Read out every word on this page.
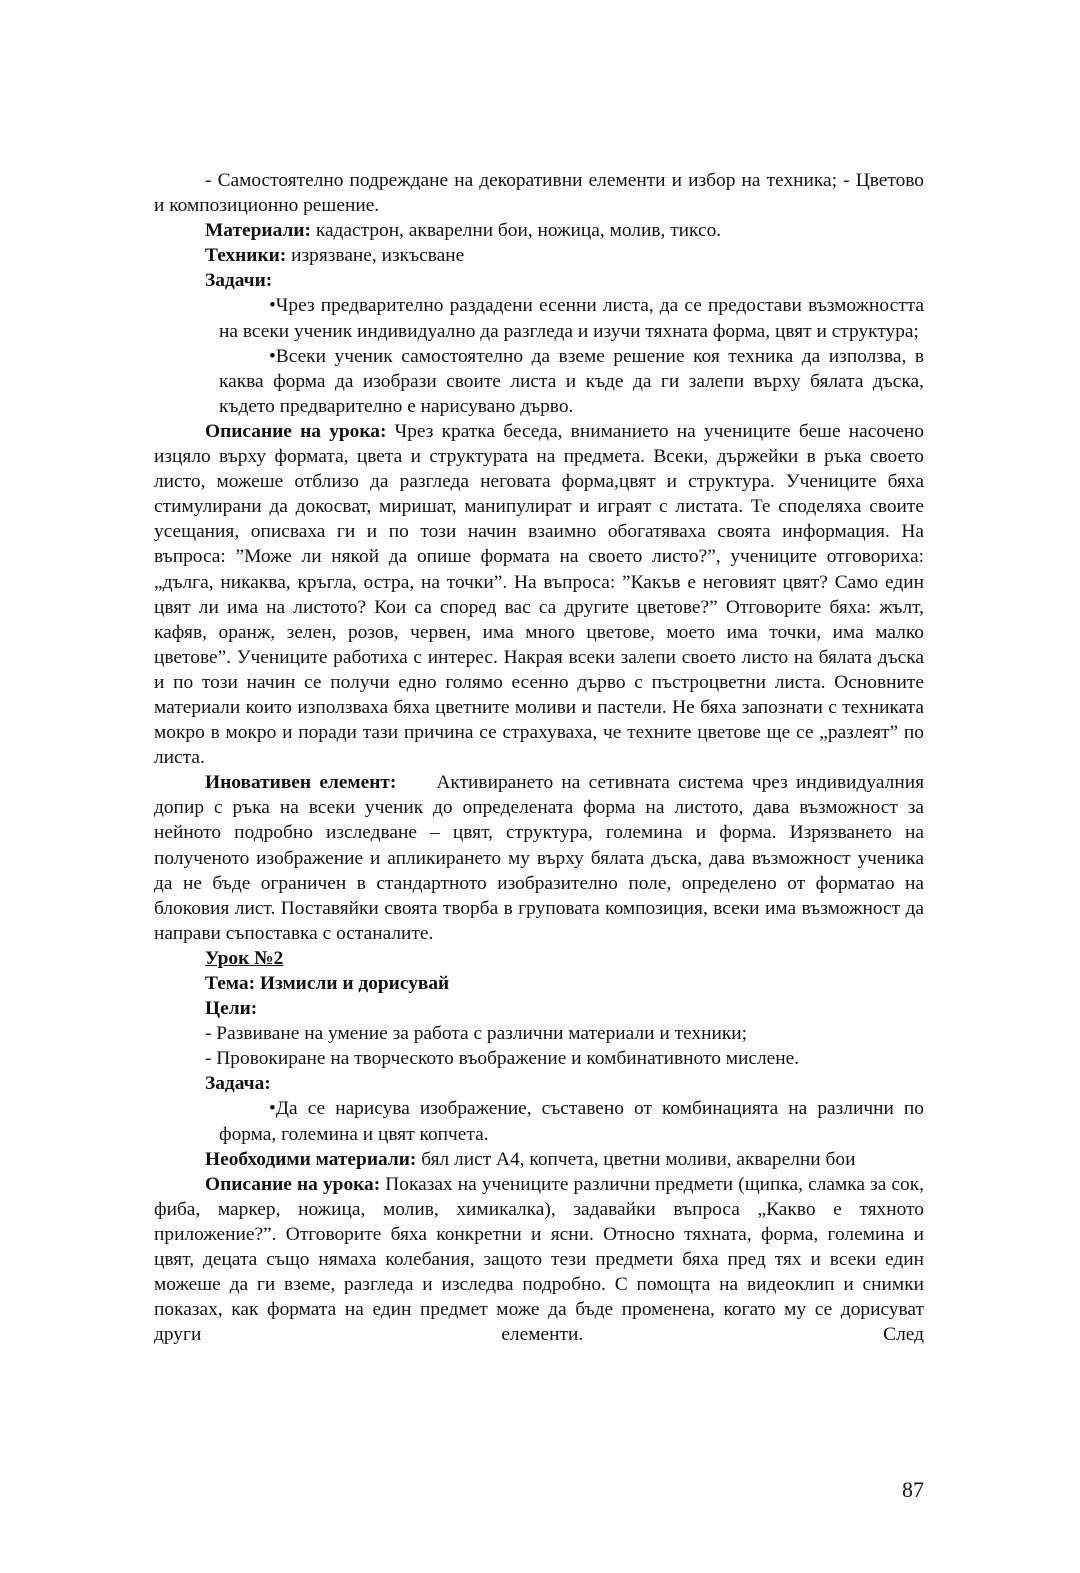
- Самостоятелно подреждане на декоративни елементи и избор на техника; - Цветово и композиционно решение.

Материали: кадастрон, акварелни бои, ножица, молив, тиксо.

Техники: изрязване, изкъсване

Задачи:

•Чрез предварително раздадени есенни листа, да се предостави възможността на всеки ученик индивидуално да разгледа и изучи тяхната форма, цвят и структура;

•Всеки ученик самостоятелно да вземе решение коя техника да използва, в каква форма да изобрази своите листа и къде да ги залепи върху бялата дъска, където предварително е нарисувано дърво.

Описание на урока: Чрез кратка беседа, вниманието на учениците беше насочено изцяло върху формата, цвета и структурата на предмета. Всеки, държейки в ръка своето листо, можеше отблизо да разгледа неговата форма,цвят и структура. Учениците бяха стимулирани да докосват, миришат, манипулират и играят с листата. Те споделяха своите усещания, описваха ги и по този начин взаимно обогатяваха своята информация. На въпроса: ”Може ли някой да опише формата на своето листо?”, учениците отговориха: „дълга, никаква, кръгла, остра, на точки”. На въпроса: ”Какъв е неговият цвят? Само един цвят ли има на листото? Кои са според вас са другите цветове?” Отговорите бяха: жълт, кафяв, оранж, зелен, розов, червен, има много цветове, моето има точки, има малко цветове”. Учениците работиха с интерес. Накрая всеки залепи своето листо на бялата дъска и по този начин се получи едно голямо есенно дърво с пъстроцветни листа. Основните материали които използваха бяха цветните моливи и пастели. Не бяха запознати с техниката мокро в мокро и поради тази причина се страхуваха, че техните цветове ще се „разлеят” по листа.

Иновативен елемент: Активирането на сетивната система чрез индивидуалния допир с ръка на всеки ученик до определената форма на листото, дава възможност за нейното подробно изследване – цвят, структура, големина и форма. Изрязването на полученото изображение и апликирането му върху бялата дъска, дава възможност ученика да не бъде ограничен в стандартното изобразително поле, определено от форматао на блоковия лист. Поставяйки своята творба в груповата композиция, всеки има възможност да направи съпоставка с останалите.

Урок №2

Тема: Измисли и дорисувай

Цели:

- Развиване на умение за работа с различни материали и техники;

- Провокиране на творческото въображение и комбинативното мислене.

Задача:

•Да се нарисува изображение, съставено от комбинацията на различни по форма, големина и цвят копчета.

Необходими материали: бял лист А4, копчета, цветни моливи, акварелни бои

Описание на урока: Показах на учениците различни предмети (щипка, сламка за сок, фиба, маркер, ножица, молив, химикалка), задавайки въпроса „Какво е тяхното приложение?”. Отговорите бяха конкретни и ясни. Относно тяхната, форма, големина и цвят, децата също нямаха колебания, защото тези предмети бяха пред тях и всеки един можеше да ги вземе, разгледа и изследва подробно. С помощта на видеоклип и снимки показах, как формата на един предмет може да бъде променена, когато му се дорисуват други елементи. След

87
